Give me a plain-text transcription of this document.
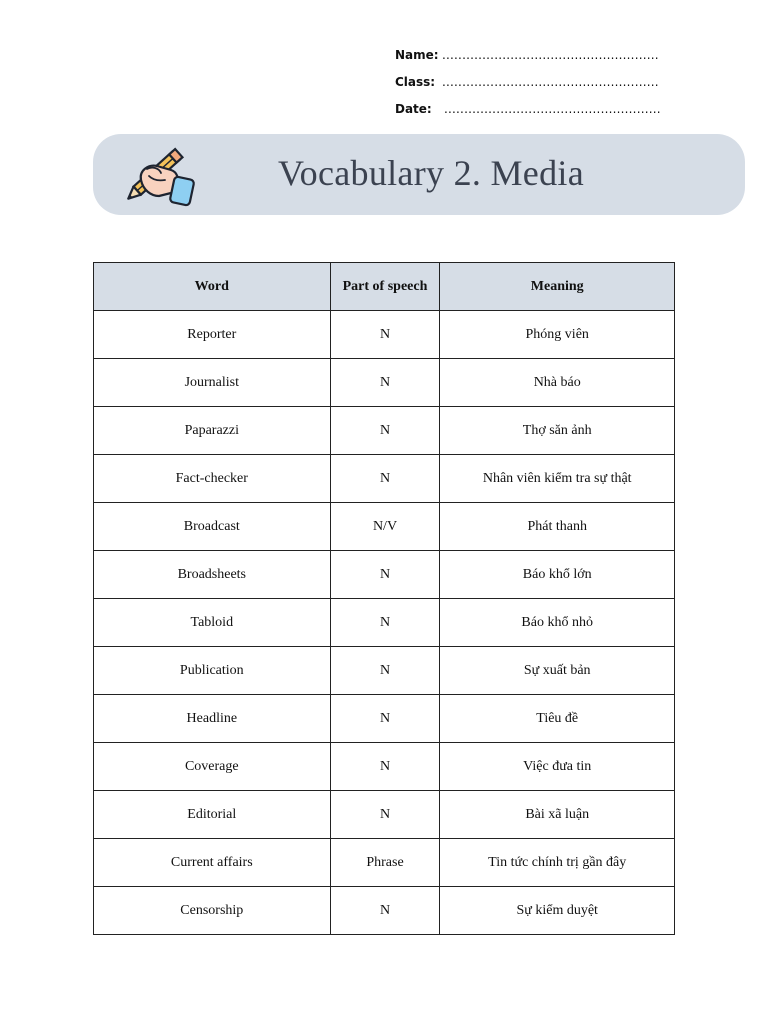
Name: ......................................................
Class: ......................................................
Date:	......................................................
Vocabulary 2. Media
Word	Part of speech	Meaning
Reporter	N	Phóng viên
Journalist	N	Nhà báo
Paparazzi	N	Thợ săn ảnh
Fact-checker	N	Nhân viên kiểm tra sự thật
Broadcast	N/V	Phát thanh
Broadsheets	N	Báo khổ lớn
Tabloid	N	Báo khổ nhỏ
Publication	N	Sự xuất bản
Headline	N	Tiêu đề
Coverage	N	Việc đưa tin
Editorial	N	Bài xã luận
Current affairs	Phrase	Tin tức chính trị gần đây
Censorship	N	Sự kiểm duyệt
